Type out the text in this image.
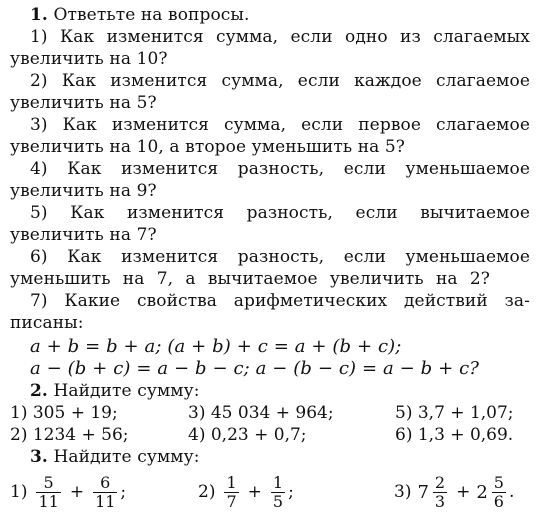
1. Ответьте на вопросы.
1) Как изменится сумма, если одно из слагаемых
увеличить на 10?
2) Как изменится сумма, если каждое слагаемое
увеличить на 5?
3) Как изменится сумма, если первое слагаемое
увеличить на 10, а второе уменьшить на 5?
4) Как изменится разность, если уменьшаемое
увеличить на 9?
5) Как изменится разность, если вычитаемое
увеличить на 7?
6) Как изменится разность, если уменьшаемое
уменьшить на 7, а вычитаемое увеличить на 2?
7) Какие свойства арифметических действий за-
писаны:
a + b = b + a; (a + b) + c = a + (b + c);
a − (b + c) = a − b − c; a − (b − c) = a − b + c?
2. Найдите сумму:
1) 305 + 19;	3) 45 034 + 964;	5) 3,7 + 1,07;
2) 1234 + 56;	4) 0,23 + 0,7;	6) 1,3 + 0,69.
3. Найдите сумму:
$1) \frac{5}{11} + \frac{6}{11}$ ;	$2) \frac{1}{7} + \frac{1}{5}$ ;	3) $7 \frac{2}{3} + 2 \frac{5}{6}$ .
